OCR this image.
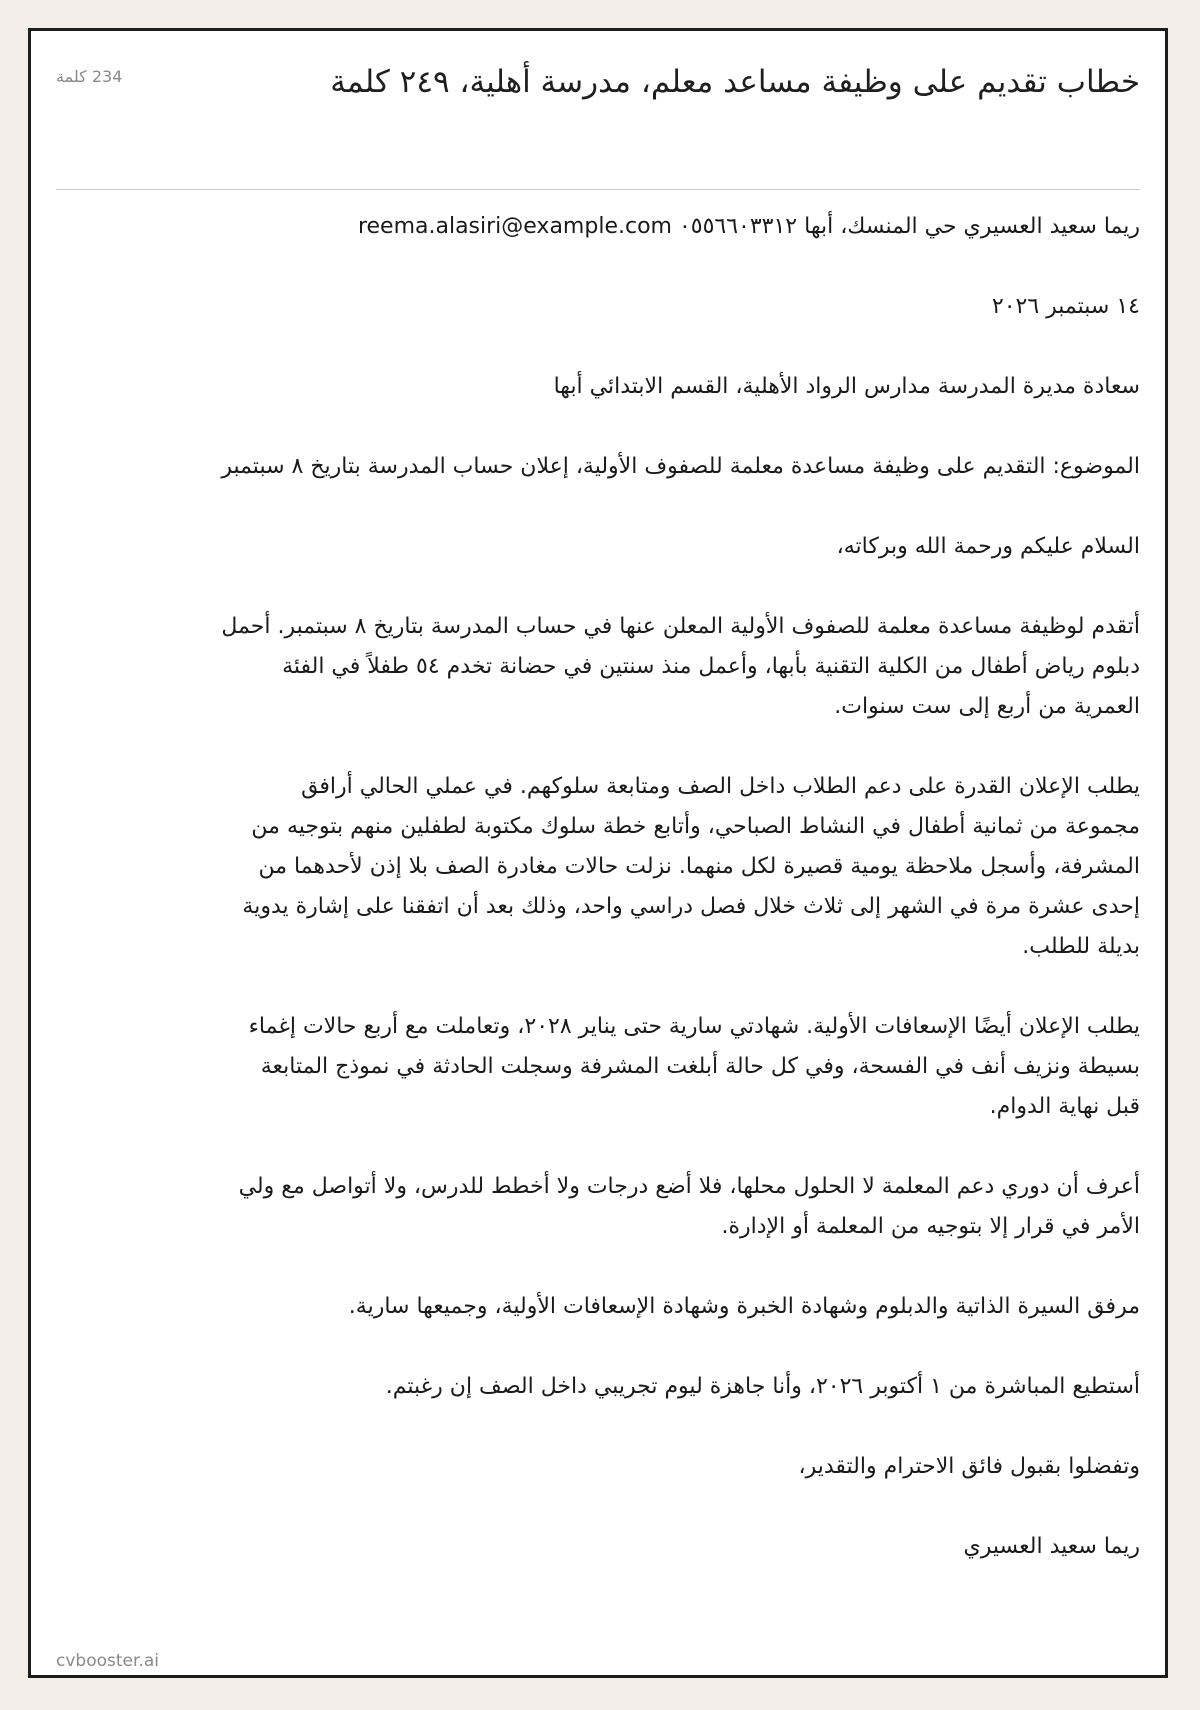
خطاب تقديم على وظيفة مساعد معلم، مدرسة أهلية، ٢٤٩ كلمة
234 كلمة

ريما سعيد العسيري حي المنسك، أبها ٠٥٥٦٦٠٣٣١٢ reema.alasiri@example.com

١٤ سبتمبر ٢٠٢٦

سعادة مديرة المدرسة مدارس الرواد الأهلية، القسم الابتدائي أبها

الموضوع: التقديم على وظيفة مساعدة معلمة للصفوف الأولية، إعلان حساب المدرسة بتاريخ ٨ سبتمبر

السلام عليكم ورحمة الله وبركاته،

أتقدم لوظيفة مساعدة معلمة للصفوف الأولية المعلن عنها في حساب المدرسة بتاريخ ٨ سبتمبر. أحمل دبلوم رياض أطفال من الكلية التقنية بأبها، وأعمل منذ سنتين في حضانة تخدم ٥٤ طفلاً في الفئة العمرية من أربع إلى ست سنوات.

يطلب الإعلان القدرة على دعم الطلاب داخل الصف ومتابعة سلوكهم. في عملي الحالي أرافق مجموعة من ثمانية أطفال في النشاط الصباحي، وأتابع خطة سلوك مكتوبة لطفلين منهم بتوجيه من المشرفة، وأسجل ملاحظة يومية قصيرة لكل منهما. نزلت حالات مغادرة الصف بلا إذن لأحدهما من إحدى عشرة مرة في الشهر إلى ثلاث خلال فصل دراسي واحد، وذلك بعد أن اتفقنا على إشارة يدوية بديلة للطلب.

يطلب الإعلان أيضًا الإسعافات الأولية. شهادتي سارية حتى يناير ٢٠٢٨، وتعاملت مع أربع حالات إغماء بسيطة ونزيف أنف في الفسحة، وفي كل حالة أبلغت المشرفة وسجلت الحادثة في نموذج المتابعة قبل نهاية الدوام.

أعرف أن دوري دعم المعلمة لا الحلول محلها، فلا أضع درجات ولا أخطط للدرس، ولا أتواصل مع ولي الأمر في قرار إلا بتوجيه من المعلمة أو الإدارة.

مرفق السيرة الذاتية والدبلوم وشهادة الخبرة وشهادة الإسعافات الأولية، وجميعها سارية.

أستطيع المباشرة من ١ أكتوبر ٢٠٢٦، وأنا جاهزة ليوم تجريبي داخل الصف إن رغبتم.

وتفضلوا بقبول فائق الاحترام والتقدير،

ريما سعيد العسيري

cvbooster.ai
